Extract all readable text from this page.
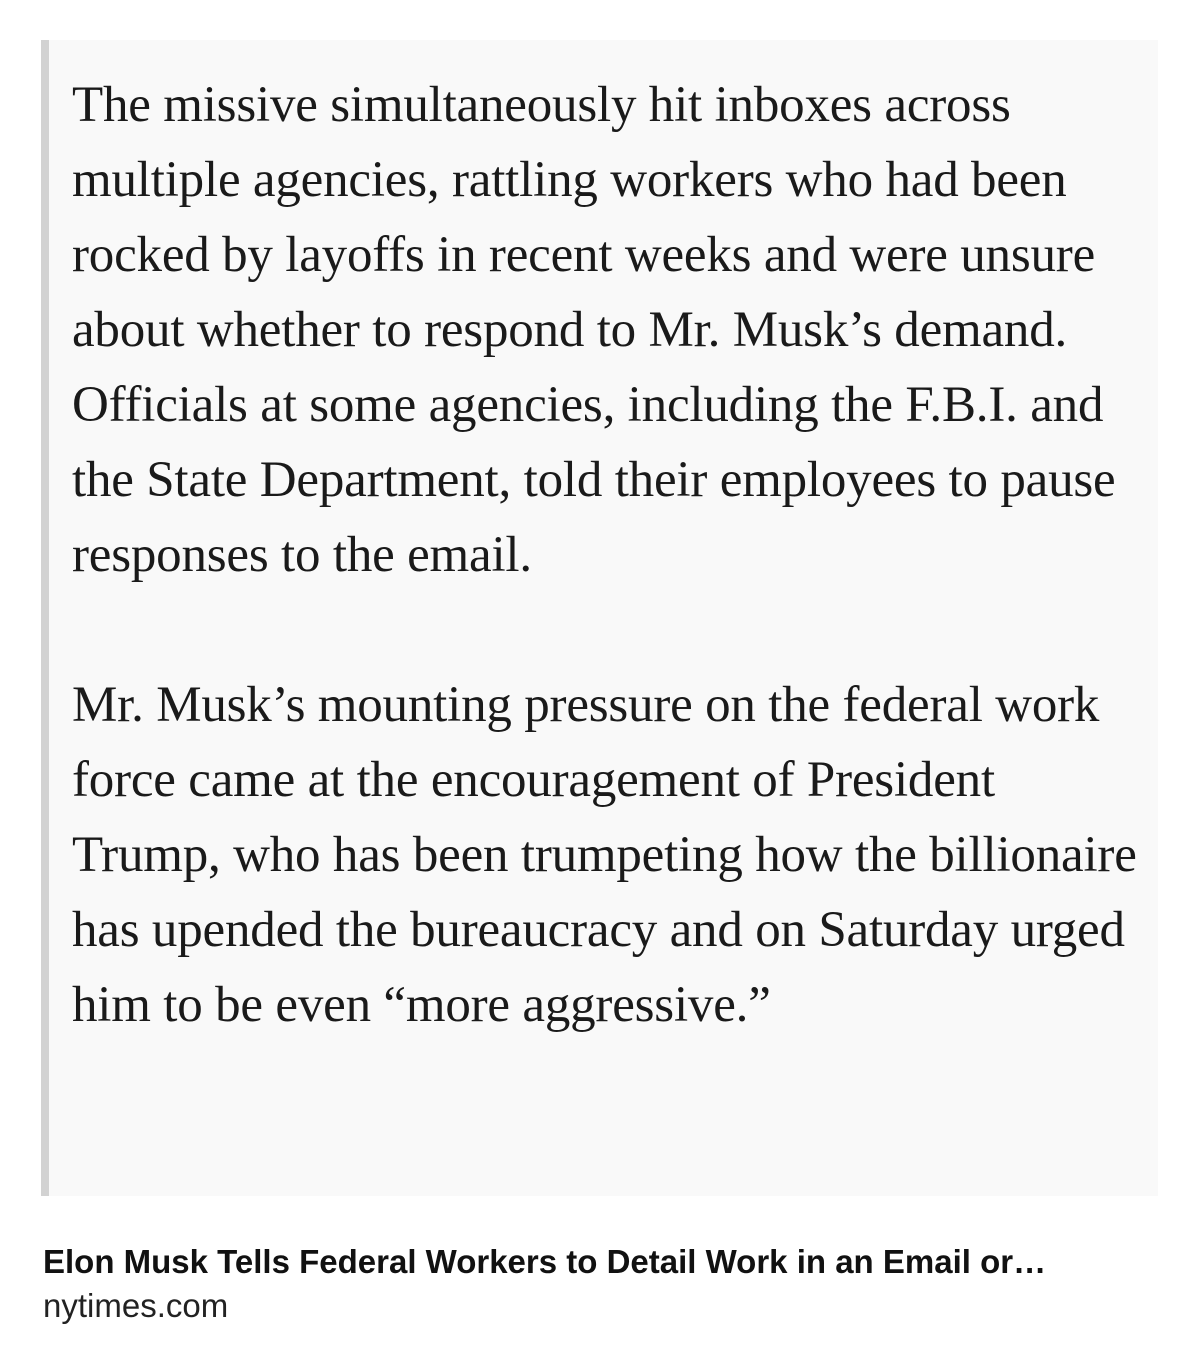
The missive simultaneously hit inboxes across multiple agencies, rattling workers who had been rocked by layoffs in recent weeks and were unsure about whether to respond to Mr. Musk’s demand. Officials at some agencies, including the F.B.I. and the State Department, told their employees to pause responses to the email.

Mr. Musk’s mounting pressure on the federal work force came at the encouragement of President Trump, who has been trumpeting how the billionaire has upended the bureaucracy and on Saturday urged him to be even “more aggressive.”

Elon Musk Tells Federal Workers to Detail Work in an Email or…
nytimes.com
